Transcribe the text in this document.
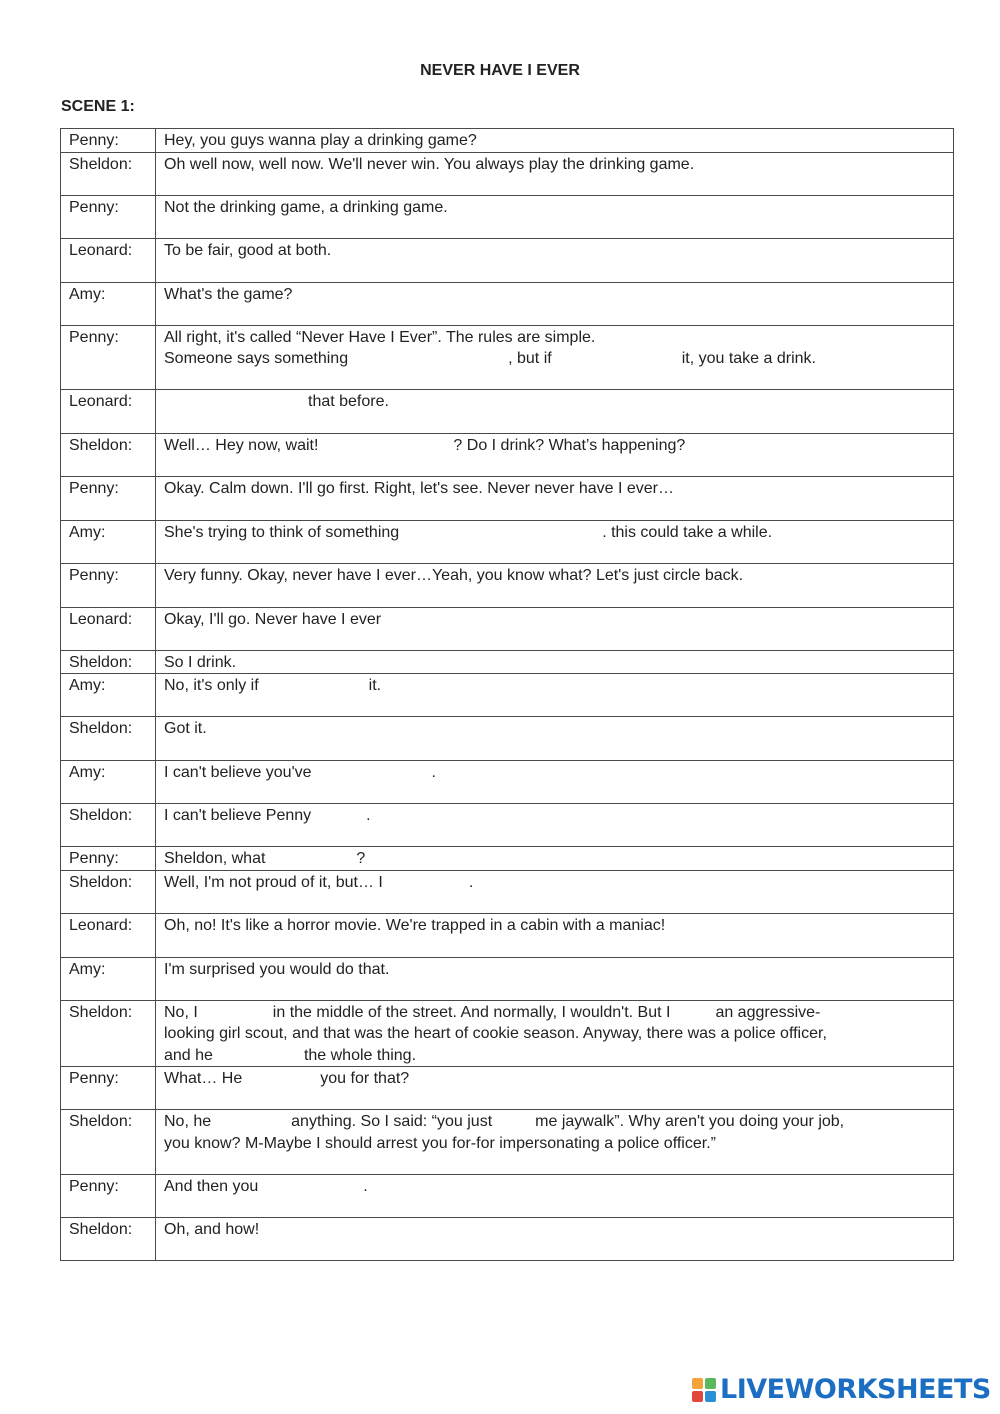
NEVER HAVE I EVER
SCENE 1:
Penny:	Hey, you guys wanna play a drinking game?

Sheldon:	Oh well now, well now. We'll never win. You always play the drinking game.

Penny:	Not the drinking game, a drinking game.

Leonard:	To be fair, good at both.

Amy:	What's the game?

Penny:	All right, it's called “Never Have I Ever”. The rules are simple.
Someone says something , but if it, you take a drink.

Leonard:	that before.

Sheldon:	Well… Hey now, wait! ? Do I drink? What’s happening?

Penny:	Okay. Calm down. I'll go first. Right, let's see. Never never have I ever…

Amy:	She's trying to think of something . this could take a while.

Penny:	Very funny. Okay, never have I ever…Yeah, you know what? Let's just circle back.

Leonard:	Okay, I'll go. Never have I ever

Sheldon:	So I drink.

Amy:	No, it's only if it.

Sheldon:	Got it.

Amy:	I can't believe you've .

Sheldon:	I can't believe Penny .

Penny:	Sheldon, what ?

Sheldon:	Well, I'm not proud of it, but… I .

Leonard:	Oh, no! It's like a horror movie. We're trapped in a cabin with a maniac!

Amy:	I'm surprised you would do that.

Sheldon:	No, I in the middle of the street. And normally, I wouldn't. But I an aggressive-
looking girl scout, and that was the heart of cookie season. Anyway, there was a police officer,
and he the whole thing.

Penny:	What… He you for that?

Sheldon:	No, he anything. So I said: “you just me jaywalk”. Why aren't you doing your job,
you know? M-Maybe I should arrest you for-for impersonating a police officer.”

Penny:	And then you .

Sheldon:	Oh, and how!
LIVEWORKSHEETS
